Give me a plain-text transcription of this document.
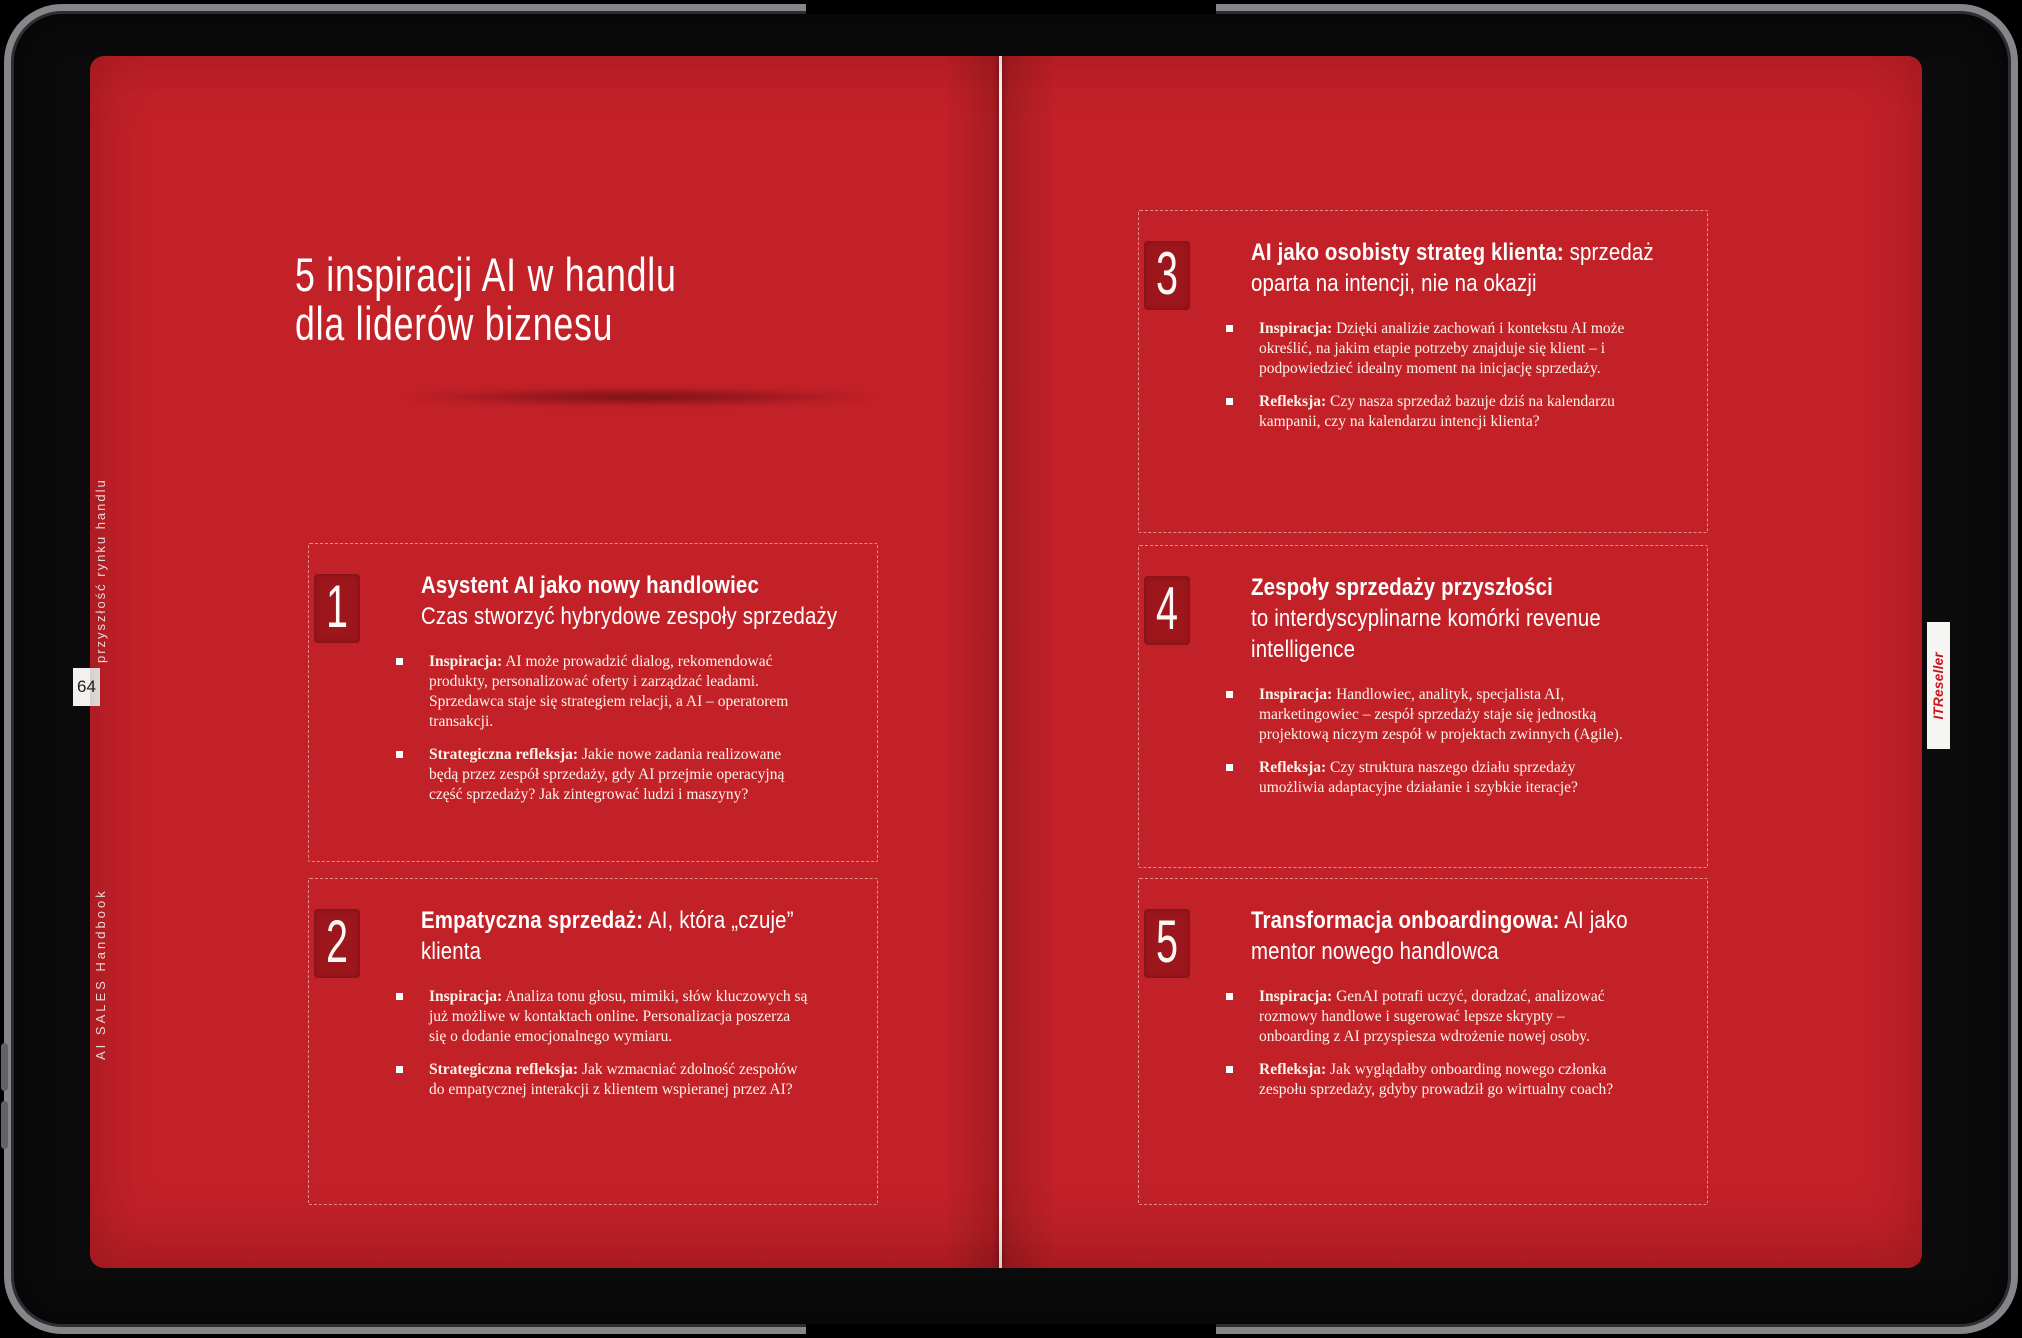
5 inspiracji AI w handlu
dla liderów biznesu
1	Asystent AI jako nowy handlowiec
Czas stworzyć hybrydowe zespoły sprzedaży
Inspiracja: AI może prowadzić dialog, rekomendować produkty, personalizować oferty i zarządzać leadami. Sprzedawca staje się strategiem relacji, a AI – operatorem transakcji.
Strategiczna refleksja: Jakie nowe zadania realizowane będą przez zespół sprzedaży, gdy AI przejmie operacyjną część sprzedaży? Jak zintegrować ludzi i maszyny?
2	Empatyczna sprzedaż: AI, która „czuje” klienta
Inspiracja: Analiza tonu głosu, mimiki, słów kluczowych są już możliwe w kontaktach online. Personalizacja poszerza się o dodanie emocjonalnego wymiaru.
Strategiczna refleksja: Jak wzmacniać zdolność zespołów do empatycznej interakcji z klientem wspieranej przez AI?
3	AI jako osobisty strateg klienta: sprzedaż oparta na intencji, nie na okazji
Inspiracja: Dzięki analizie zachowań i kontekstu AI może określić, na jakim etapie potrzeby znajduje się klient – i podpowiedzieć idealny moment na inicjację sprzedaży.
Refleksja: Czy nasza sprzedaż bazuje dziś na kalendarzu kampanii, czy na kalendarzu intencji klienta?
4	Zespoły sprzedaży przyszłości
to interdyscyplinarne komórki revenue intelligence
Inspiracja: Handlowiec, analityk, specjalista AI, marketingowiec – zespół sprzedaży staje się jednostką projektową niczym zespół w projektach zwinnych (Agile).
Refleksja: Czy struktura naszego działu sprzedaży umożliwia adaptacyjne działanie i szybkie iteracje?
5	Transformacja onboardingowa: AI jako mentor nowego handlowca
Inspiracja: GenAI potrafi uczyć, doradzać, analizować rozmowy handlowe i sugerować lepsze skrypty – onboarding z AI przyspiesza wdrożenie nowej osoby.
Refleksja: Jak wyglądałby onboarding nowego członka zespołu sprzedaży, gdyby prowadził go wirtualny coach?
przyszłość rynku handlu
AI SALES Handbook
64	ITReseller
